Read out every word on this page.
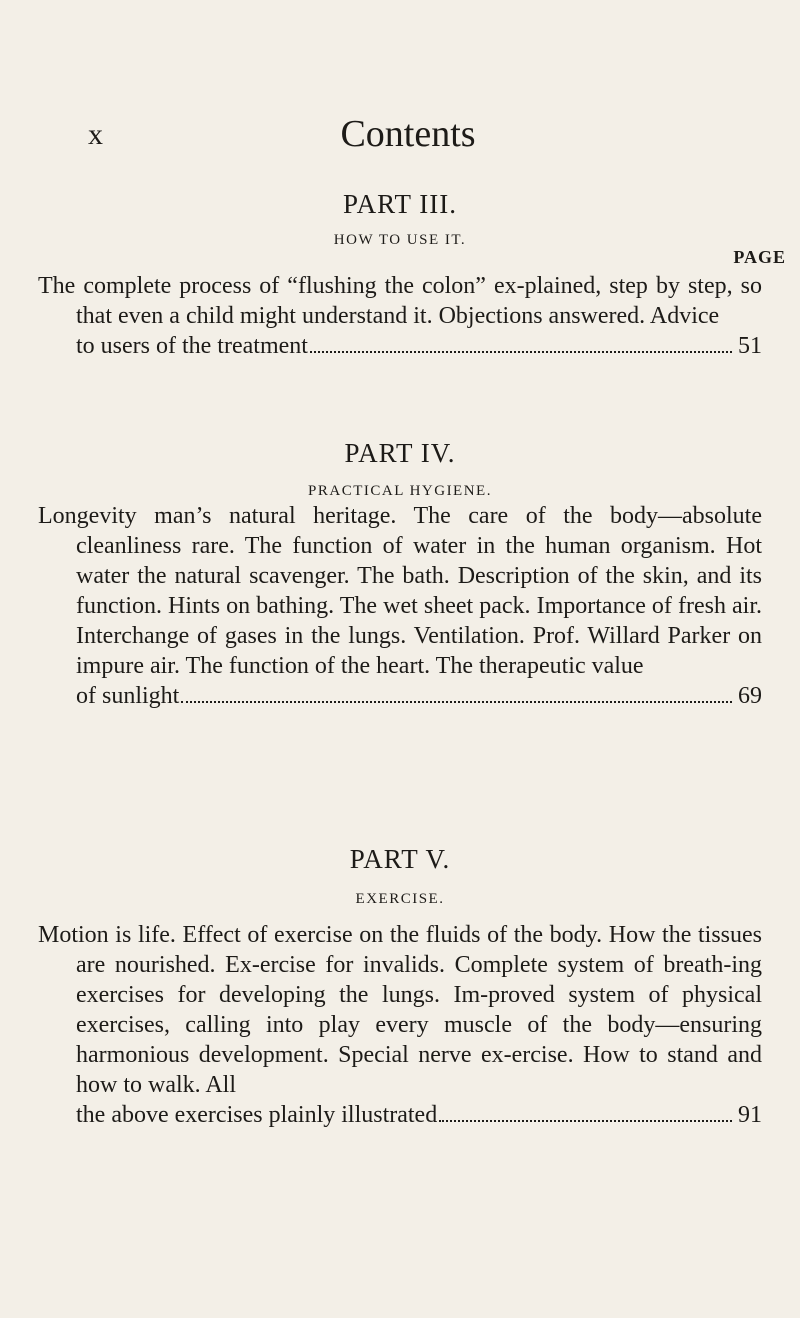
x	Contents
PART III.
HOW TO USE IT.
PAGE

The complete process of “flushing the colon” ex-plained, step by step, so that even a child might understand it. Objections answered. Advice

to users of the treatment	51
PART IV.
PRACTICAL HYGIENE.

Longevity man’s natural heritage. The care of the body—absolute cleanliness rare. The function of water in the human organism. Hot water the natural scavenger. The bath. Description of the skin, and its function. Hints on bathing. The wet sheet pack. Importance of fresh air. Interchange of gases in the lungs. Ventilation. Prof. Willard Parker on impure air. The function of the heart. The therapeutic value

of sunlight	69
PART V.
EXERCISE.

Motion is life. Effect of exercise on the fluids of the body. How the tissues are nourished. Ex-ercise for invalids. Complete system of breath-ing exercises for developing the lungs. Im-proved system of physical exercises, calling into play every muscle of the body—ensuring harmonious development. Special nerve ex-ercise. How to stand and how to walk. All

the above exercises plainly illustrated	91
